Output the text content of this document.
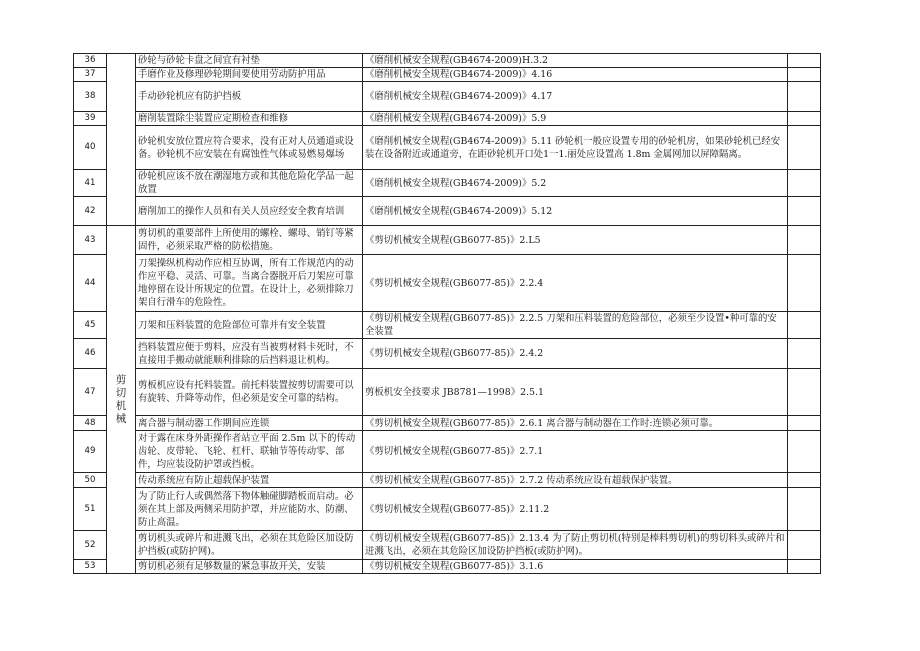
36		砂轮与砂轮卡盘之间宜有衬垫	《磨削机械安全规程(GB4674-2009)H.3.2	
37		手磨作业及修理砂轮期间要使用劳动防护用品	《磨削机械安全规程(GB4674-2009)》4.16	
38		手动砂轮机应有防护挡板	《磨削机械安全规程(GB4674-2009)》4.17	
39		磨削装置除尘装置应定期检查和维修	《磨削机械安全规程(GB4674-2009)》5.9	
40		砂轮机安放位置应符合要求，没有正对人员通道或设备。砂轮机不应安装在有腐蚀性气体或易燃易爆场	《磨削机械安全规程(GB4674-2009)》5.11 砂轮机一般应设置专用的砂轮机房，如果砂轮机已经安装在设备附近或通道旁，在距砂轮机开口处1一1.丽处应设置高 1.8m 金属网加以屏障隔离。	
41		砂轮机应该不放在潮湿地方或和其他危险化学品一起放置	《磨削机械安全规程(GB4674-2009)》5.2	
42		磨削加工的操作人员和有关人员应经安全教育培训	《磨削机械安全规程(GB4674-2009)》5.12	
43	剪切机械	剪切机的重要部件上所使用的螺栓、螺母、销钉等紧固件，必须采取严格的防松措施。	《剪切机械安全规程(GB6077-85)》2.L5	
44		刀架操纵机构动作应相互协调，所有工作规范内的动作应平稳、灵活、可靠。当离合器脱开后刀架应可靠地停留在设计所规定的位置。在设计上，必须排除刀架自行滑车的危险性。	《剪切机械安全规程(GB6077-85)》2.2.4	
45		刀架和压料装置的危险部位可靠并有安全装置	《剪切机械安全规程(GB6077-85)》2.2.5 刀架和压料装置的危险部位，必须至少设置•种可靠的安全装置	
46		挡料装置应便于剪料，应没有当被剪材料卡死时，不直接用手搬动就能顺利排除的后挡料退让机构。	《剪切机械安全规程(GB6077-85)》2.4.2	
47		剪板机应设有托料装置。前托料装置按剪切需要可以有旋转、升降等动作，但必须是安全可靠的结构。	剪板机安全技要求 JB8781—1998》2.5.1	
48		离合器与制动器工作期间应连锁	《剪切机械安全规程(GB6077-85)》2.6.1 离合器与制动器在工作时:连锁必须可靠。	
49		对于露在床身外距操作者站立平面 2.5m 以下的传动齿轮、皮带轮、飞轮、杠杆、联轴节等传动零、部件，均应装设防护罩或挡板。	《剪切机械安全规程(GB6077-85)》2.7.1	
50		传动系统应有防止超载保护装置	《剪切机械安全规程(GB6077-85)》2.7.2 传动系统应设有超载保护装置。	
51		为了防止行人或偶然落下物体触碰脚踏板而启动。必须在其上部及两侧采用防护罩，并应能防水、防潮、防止高温。	《剪切机械安全规程(GB6077-85)》2.11.2	
52		剪切机头或碎片和进溅飞出，必须在其危险区加设防护挡板(或防护网)。	《剪切机械安全规程(GB6077-85)》2.13.4 为了防止剪切机(特别是棒料剪切机)的剪切料头或碎片和迸溅飞出，必须在其危险区加设防护挡板(或防护网)。	
53		剪切机必须有足够数量的紧急事故开关，安装	《剪切机械安全规程(GB6077-85)》3.1.6	
